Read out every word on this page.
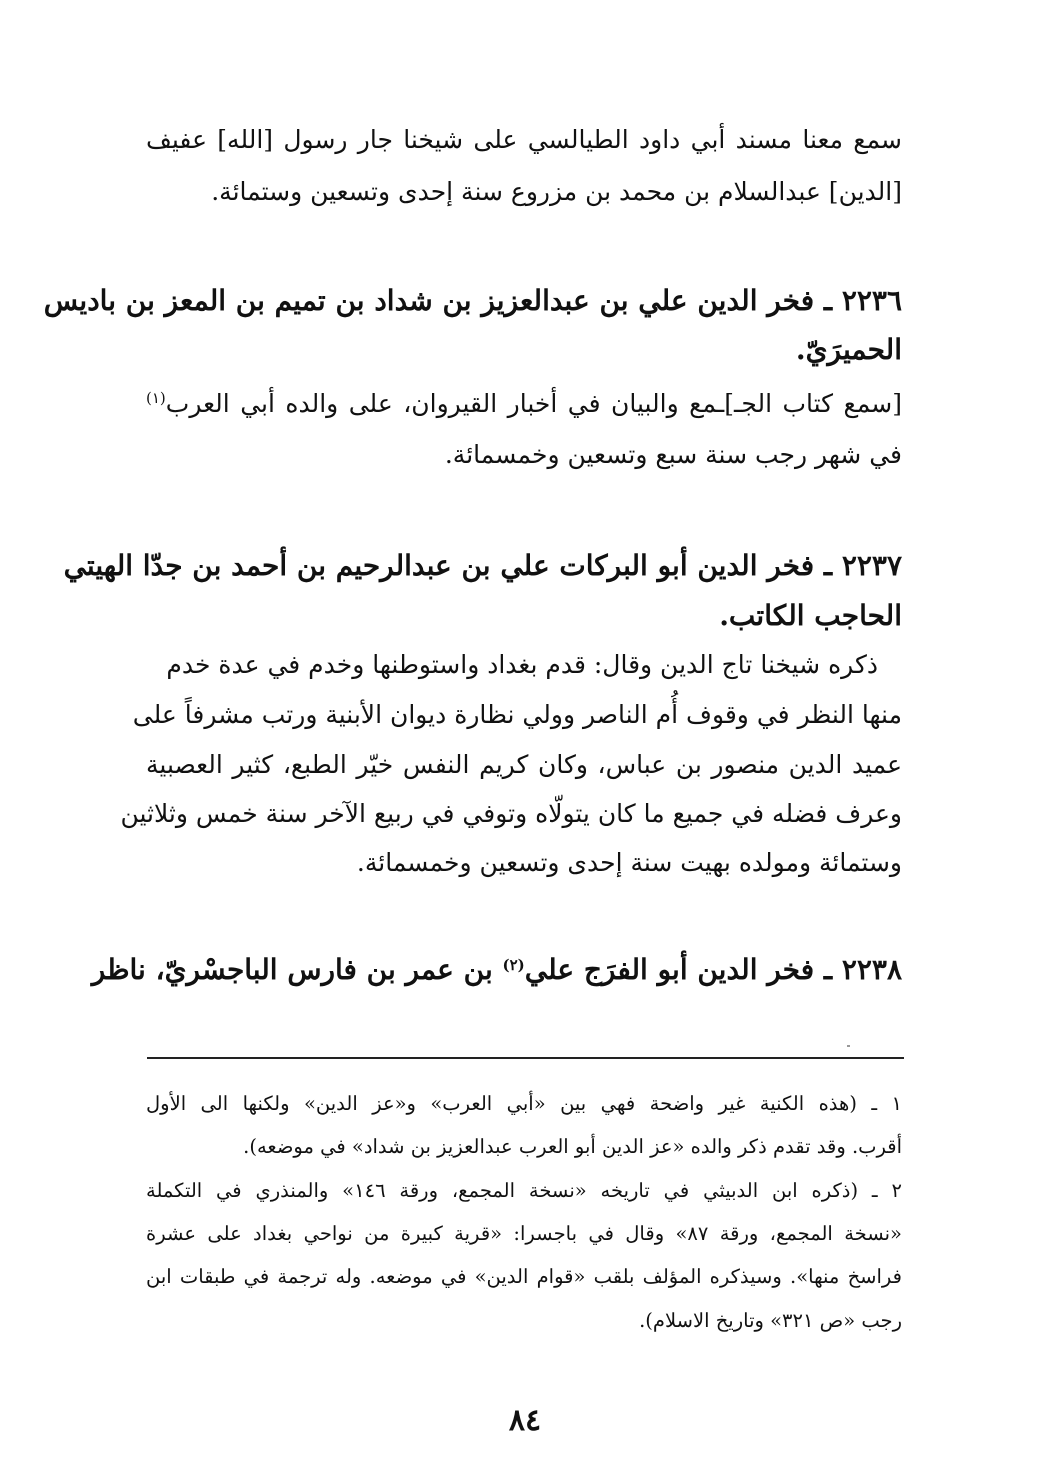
سمع معنا مسند أبي داود الطيالسي على شيخنا جار رسول [الله] عفيف
[الدين] عبدالسلام بن محمد بن مزروع سنة إحدى وتسعين وستمائة.
٢٢٣٦ ـ فخر الدين علي بن عبدالعزيز بن شداد بن تميم بن المعز بن باديس
الحميرَيّ.
[سمع كتاب الجـ]ـمع والبيان في أخبار القيروان، على والده أبي العرب$^{(١)}$
في شهر رجب سنة سبع وتسعين وخمسمائة.
٢٢٣٧ ـ فخر الدين أبو البركات علي بن عبدالرحيم بن أحمد بن جدّا الهيتي
الحاجب الكاتب.
ذكره شيخنا تاج الدين وقال: قدم بغداد واستوطنها وخدم في عدة خدم
منها النظر في وقوف أُم الناصر وولي نظارة ديوان الأبنية ورتب مشرفاً على
عميد الدين منصور بن عباس، وكان كريم النفس خيّر الطبع، كثير العصبية
وعرف فضله في جميع ما كان يتولّاه وتوفي في ربيع الآخر سنة خمس وثلاثين
وستمائة ومولده بهيت سنة إحدى وتسعين وخمسمائة.
٢٢٣٨ ـ فخر الدين أبو الفرَج علي$^{(٢)}$ بن عمر بن فارس الباجسْريّ، ناظر
١ ـ (هذه الكنية غير واضحة فهي بين «أبي العرب» و«عز الدين» ولكنها الى الأول
أقرب. وقد تقدم ذكر والده «عز الدين أبو العرب عبدالعزيز بن شداد» في موضعه).
٢ ـ (ذكره ابن الدبيثي في تاريخه «نسخة المجمع، ورقة ١٤٦» والمنذري في التكملة
«نسخة المجمع، ورقة ٨٧» وقال في باجسرا: «قرية كبيرة من نواحي بغداد على عشرة
فراسخ منها». وسيذكره المؤلف بلقب «قوام الدين» في موضعه. وله ترجمة في طبقات ابن
رجب «ص ٣٢١» وتاريخ الاسلام).
٨٤
